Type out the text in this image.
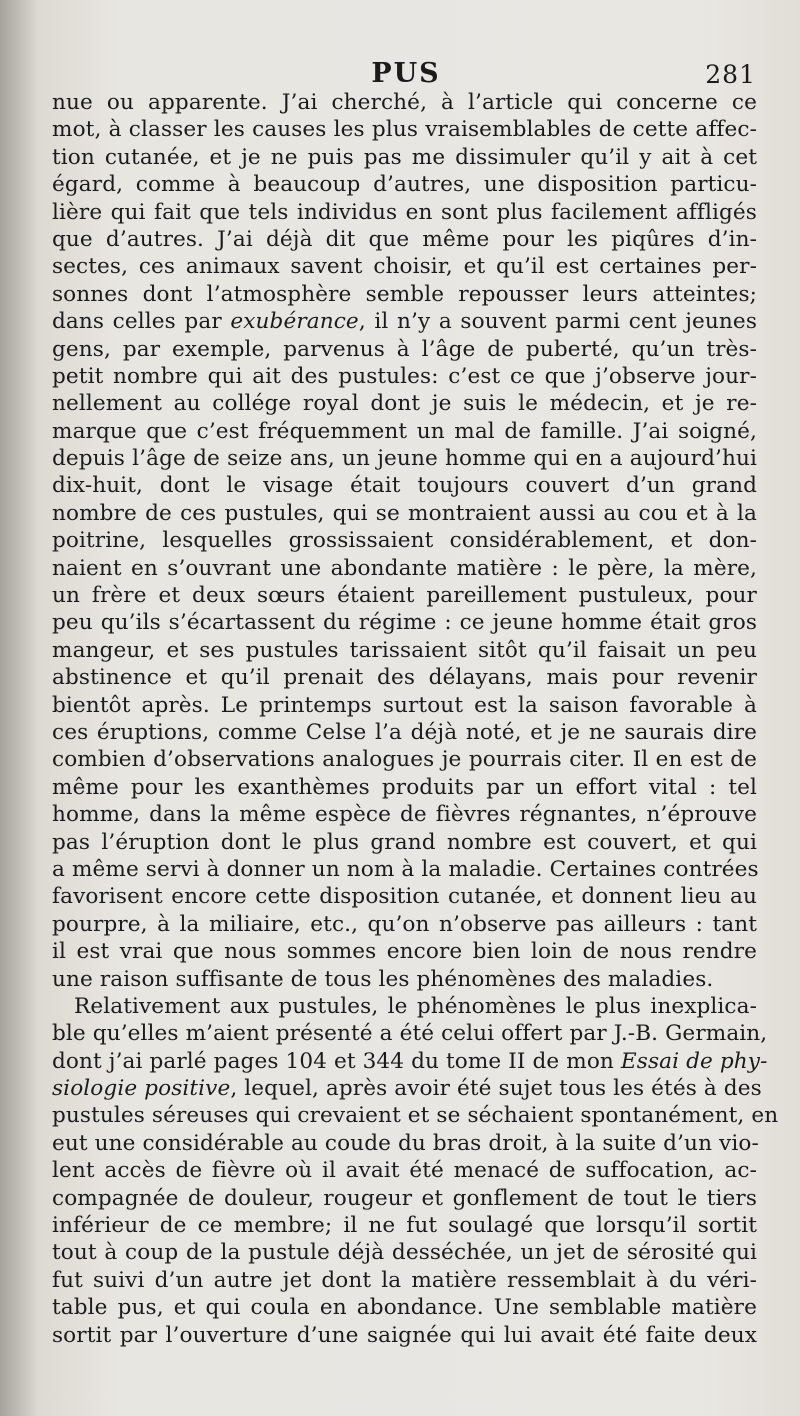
PUS	281
nue ou apparente. J’ai cherché, à l’article qui concerne ce
mot, à classer les causes les plus vraisemblables de cette affec-
tion cutanée, et je ne puis pas me dissimuler qu’il y ait à cet
égard, comme à beaucoup d’autres, une disposition particu-
lière qui fait que tels individus en sont plus facilement affligés
que d’autres. J’ai déjà dit que même pour les piqûres d’in-
sectes, ces animaux savent choisir, et qu’il est certaines per-
sonnes dont l’atmosphère semble repousser leurs atteintes;
dans celles par exubérance, il n’y a souvent parmi cent jeunes
gens, par exemple, parvenus à l’âge de puberté, qu’un très-
petit nombre qui ait des pustules: c’est ce que j’observe jour-
nellement au collége royal dont je suis le médecin, et je re-
marque que c’est fréquemment un mal de famille. J’ai soigné,
depuis l’âge de seize ans, un jeune homme qui en a aujourd’hui
dix-huit, dont le visage était toujours couvert d’un grand
nombre de ces pustules, qui se montraient aussi au cou et à la
poitrine, lesquelles grossissaient considérablement, et don-
naient en s’ouvrant une abondante matière : le père, la mère,
un frère et deux sœurs étaient pareillement pustuleux, pour
peu qu’ils s’écartassent du régime : ce jeune homme était gros
mangeur, et ses pustules tarissaient sitôt qu’il faisait un peu
abstinence et qu’il prenait des délayans, mais pour revenir
bientôt après. Le printemps surtout est la saison favorable à
ces éruptions, comme Celse l’a déjà noté, et je ne saurais dire
combien d’observations analogues je pourrais citer. Il en est de
même pour les exanthèmes produits par un effort vital : tel
homme, dans la même espèce de fièvres régnantes, n’éprouve
pas l’éruption dont le plus grand nombre est couvert, et qui
a même servi à donner un nom à la maladie. Certaines contrées
favorisent encore cette disposition cutanée, et donnent lieu au
pourpre, à la miliaire, etc., qu’on n’observe pas ailleurs : tant
il est vrai que nous sommes encore bien loin de nous rendre
une raison suffisante de tous les phénomènes des maladies.
Relativement aux pustules, le phénomènes le plus inexplica-
ble qu’elles m’aient présenté a été celui offert par J.-B. Germain,
dont j’ai parlé pages 104 et 344 du tome II de mon Essai de phy-
siologie positive, lequel, après avoir été sujet tous les étés à des
pustules séreuses qui crevaient et se séchaient spontanément, en
eut une considérable au coude du bras droit, à la suite d’un vio-
lent accès de fièvre où il avait été menacé de suffocation, ac-
compagnée de douleur, rougeur et gonflement de tout le tiers
inférieur de ce membre; il ne fut soulagé que lorsqu’il sortit
tout à coup de la pustule déjà desséchée, un jet de sérosité qui
fut suivi d’un autre jet dont la matière ressemblait à du véri-
table pus, et qui coula en abondance. Une semblable matière
sortit par l’ouverture d’une saignée qui lui avait été faite deux
